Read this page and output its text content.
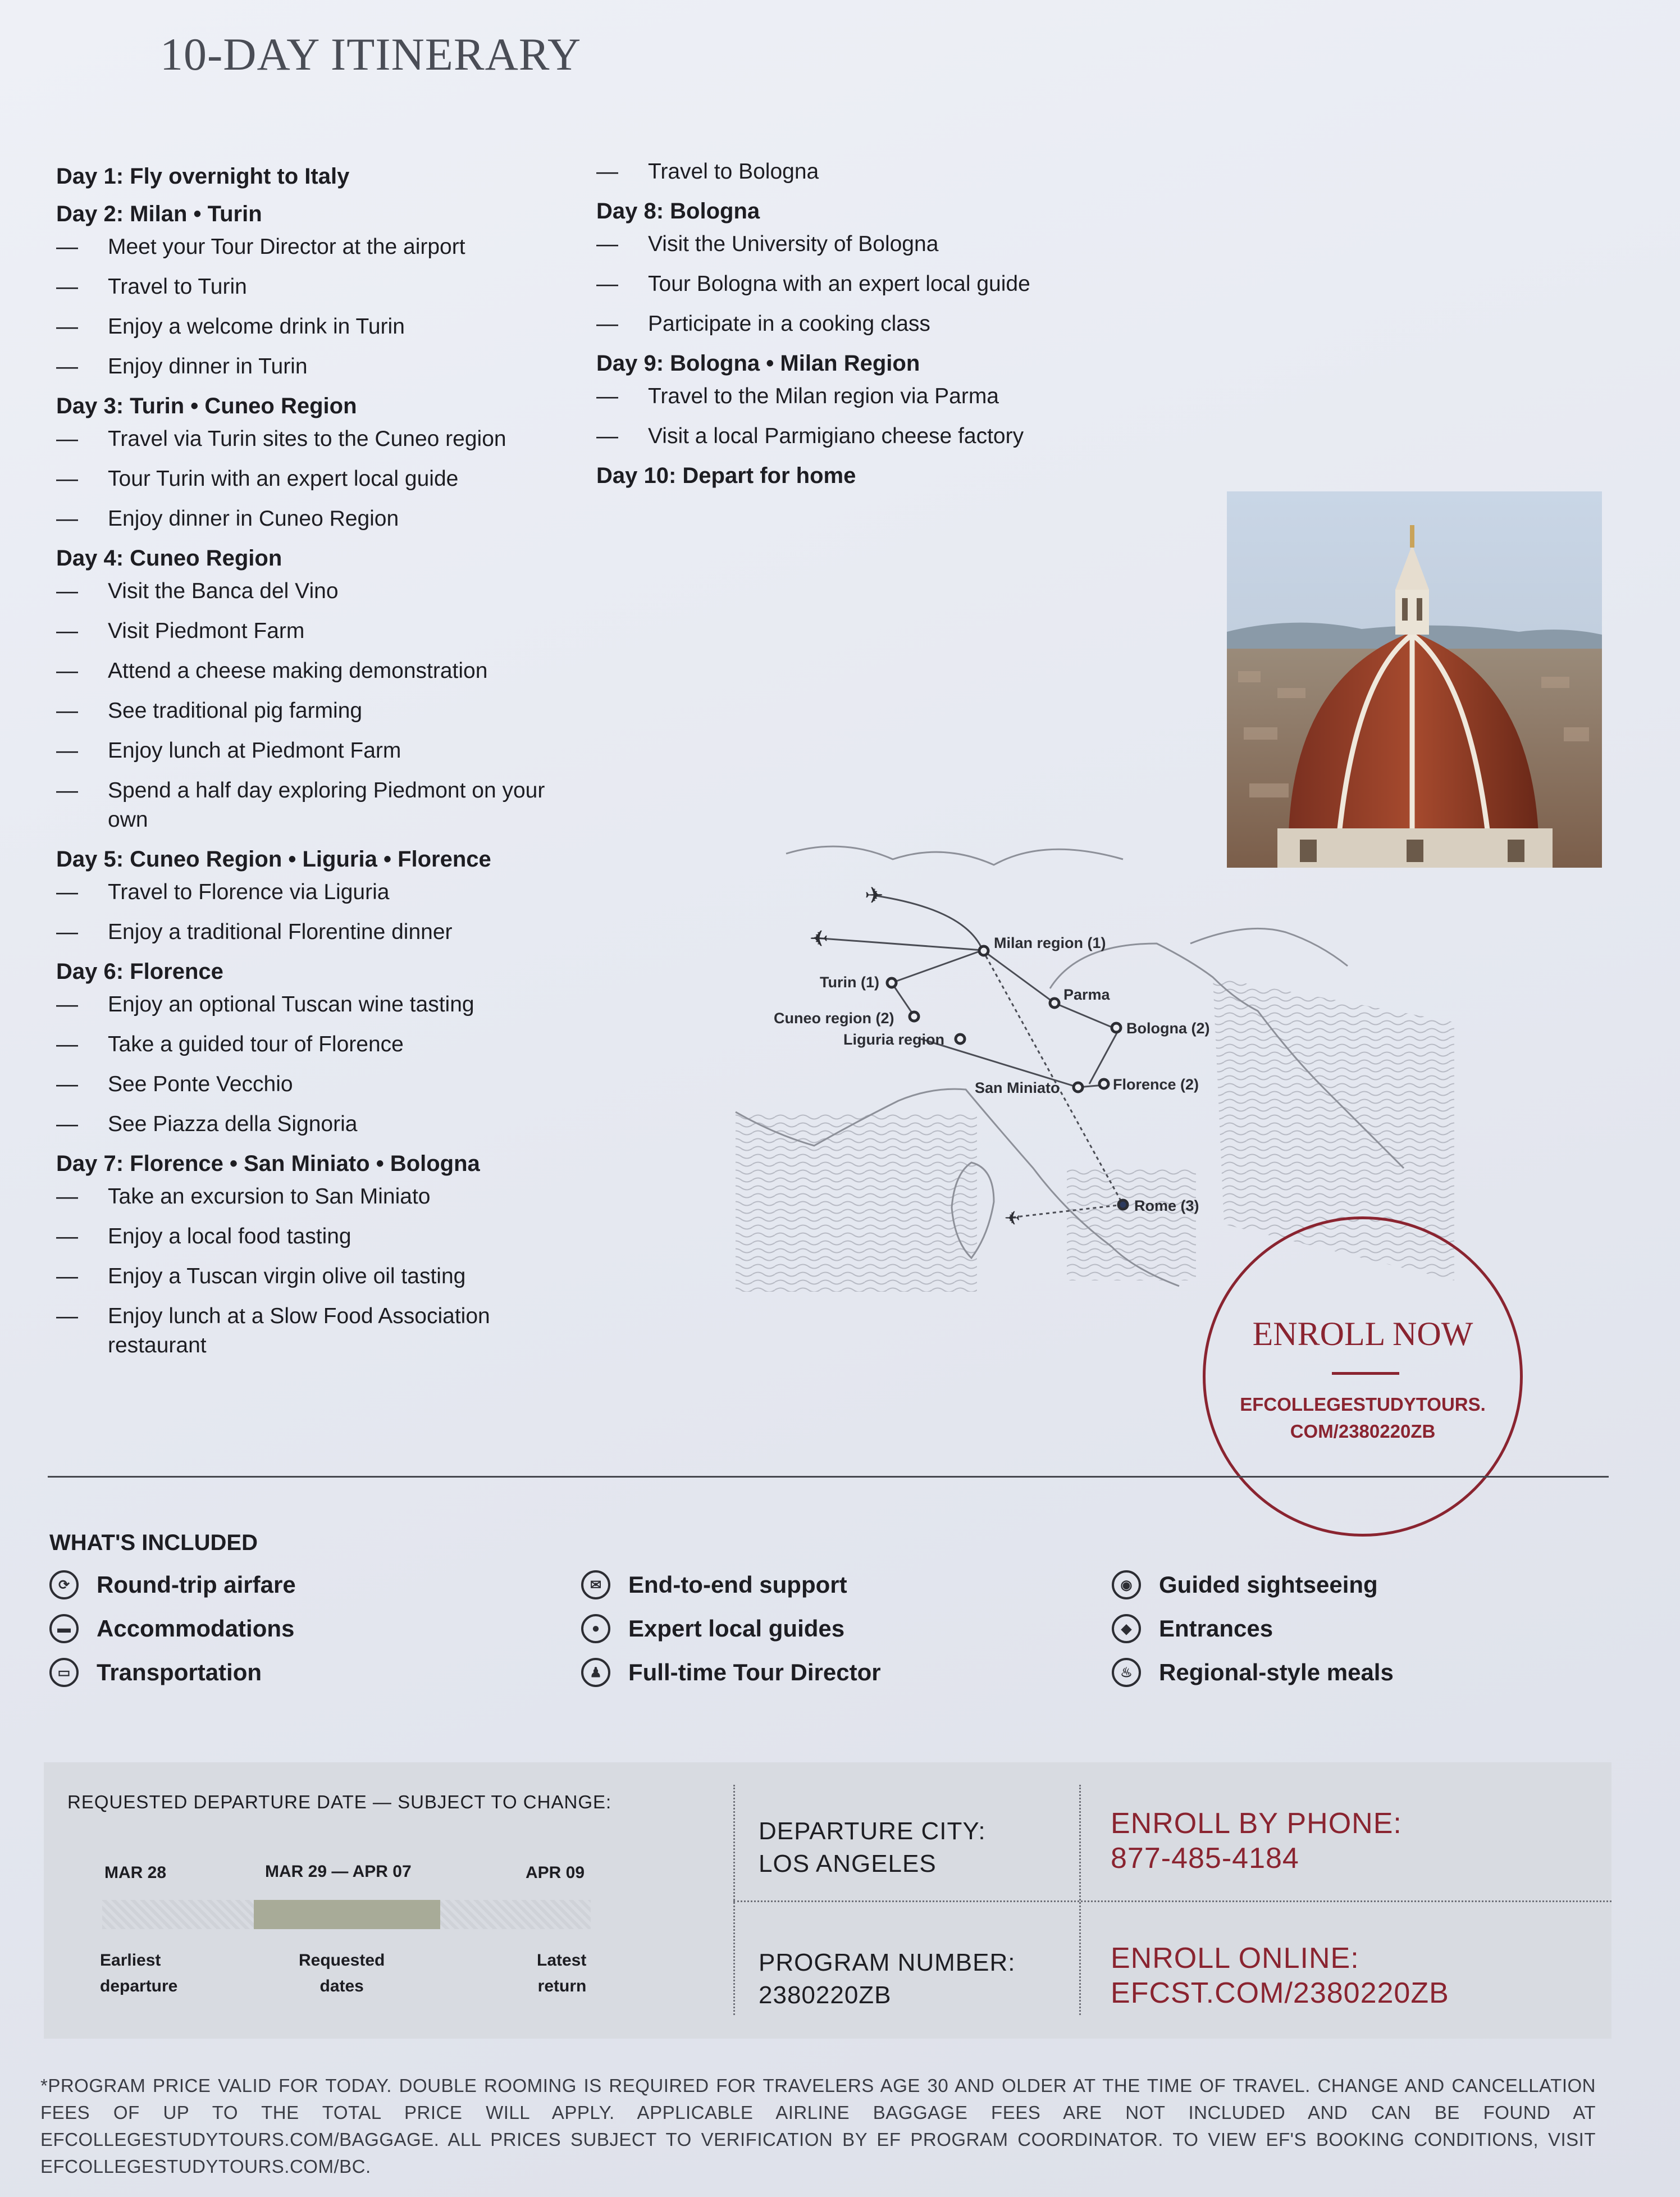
10-DAY ITINERARY
Day 1: Fly overnight to Italy
Day 2: Milan • Turin
— Meet your Tour Director at the airport
— Travel to Turin
— Enjoy a welcome drink in Turin
— Enjoy dinner in Turin
Day 3: Turin • Cuneo Region
— Travel via Turin sites to the Cuneo region
— Tour Turin with an expert local guide
— Enjoy dinner in Cuneo Region
Day 4: Cuneo Region
— Visit the Banca del Vino
— Visit Piedmont Farm
— Attend a cheese making demonstration
— See traditional pig farming
— Enjoy lunch at Piedmont Farm
— Spend a half day exploring Piedmont on your own
Day 5: Cuneo Region • Liguria • Florence
— Travel to Florence via Liguria
— Enjoy a traditional Florentine dinner
Day 6: Florence
— Enjoy an optional Tuscan wine tasting
— Take a guided tour of Florence
— See Ponte Vecchio
— See Piazza della Signoria
Day 7: Florence • San Miniato • Bologna
— Take an excursion to San Miniato
— Enjoy a local food tasting
— Enjoy a Tuscan virgin olive oil tasting
— Enjoy lunch at a Slow Food Association restaurant
— Travel to Bologna
Day 8: Bologna
— Visit the University of Bologna
— Tour Bologna with an expert local guide
— Participate in a cooking class
Day 9: Bologna • Milan Region
— Travel to the Milan region via Parma
— Visit a local Parmigiano cheese factory
Day 10: Depart for home
✈
✈
✈
Milan region (1)
Turin (1)
Parma
Cuneo region (2)
Liguria region
Bologna (2)
San Miniato	Florence (2)
Rome (3)
ENROLL NOW
EFCOLLEGESTUDYTOURS.
COM/2380220ZB
WHAT'S INCLUDED
⟳	Round-trip airfare
▬	Accommodations
▭	Transportation
✉	End-to-end support
●	Expert local guides
♟	Full-time Tour Director
◉	Guided sightseeing
◆	Entrances
♨	Regional-style meals
REQUESTED DEPARTURE DATE — SUBJECT TO CHANGE:
MAR 28	MAR 29 — APR 07	APR 09
Earliest
departure
Requested
dates
Latest
return
DEPARTURE CITY:
LOS ANGELES
PROGRAM NUMBER:
2380220ZB
ENROLL BY PHONE:
877-485-4184
ENROLL ONLINE:
EFCST.COM/2380220ZB
*PROGRAM PRICE VALID FOR TODAY. DOUBLE ROOMING IS REQUIRED FOR TRAVELERS AGE 30 AND OLDER AT THE TIME OF TRAVEL. CHANGE AND CANCELLATION FEES OF UP TO THE TOTAL PRICE WILL APPLY. APPLICABLE AIRLINE BAGGAGE FEES ARE NOT INCLUDED AND CAN BE FOUND AT EFCOLLEGESTUDYTOURS.COM/BAGGAGE. ALL PRICES SUBJECT TO VERIFICATION BY EF PROGRAM COORDINATOR. TO VIEW EF'S BOOKING CONDITIONS, VISIT EFCOLLEGESTUDYTOURS.COM/BC.
